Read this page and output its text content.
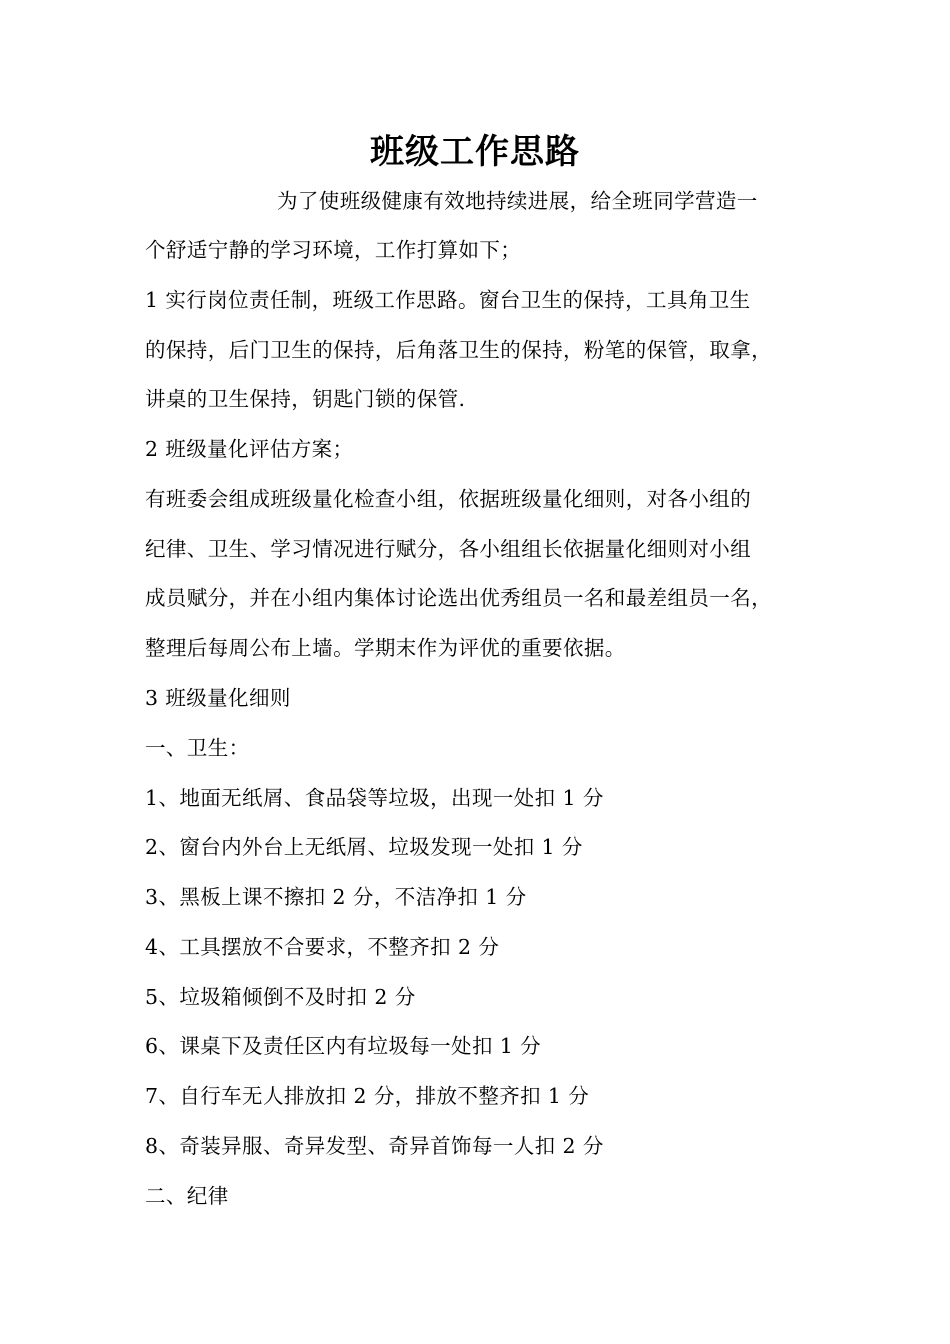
班级工作思路
为了使班级健康有效地持续进展，给全班同学营造一
个舒适宁静的学习环境，工作打算如下；
1 实行岗位责任制，班级工作思路。窗台卫生的保持，工具角卫生
的保持，后门卫生的保持，后角落卫生的保持，粉笔的保管，取拿，
讲桌的卫生保持，钥匙门锁的保管.
2 班级量化评估方案；
有班委会组成班级量化检查小组，依据班级量化细则，对各小组的
纪律、卫生、学习情况进行赋分，各小组组长依据量化细则对小组
成员赋分，并在小组内集体讨论选出优秀组员一名和最差组员一名，
整理后每周公布上墙。学期末作为评优的重要依据。
3 班级量化细则
一、卫生：
1、地面无纸屑、食品袋等垃圾，出现一处扣 1 分
2、窗台内外台上无纸屑、垃圾发现一处扣 1 分
3、黑板上课不擦扣 2 分，不洁净扣 1 分
4、工具摆放不合要求，不整齐扣 2 分
5、垃圾箱倾倒不及时扣 2 分
6、课桌下及责任区内有垃圾每一处扣 1 分
7、自行车无人排放扣 2 分，排放不整齐扣 1 分
8、奇装异服、奇异发型、奇异首饰每一人扣 2 分
二、纪律
